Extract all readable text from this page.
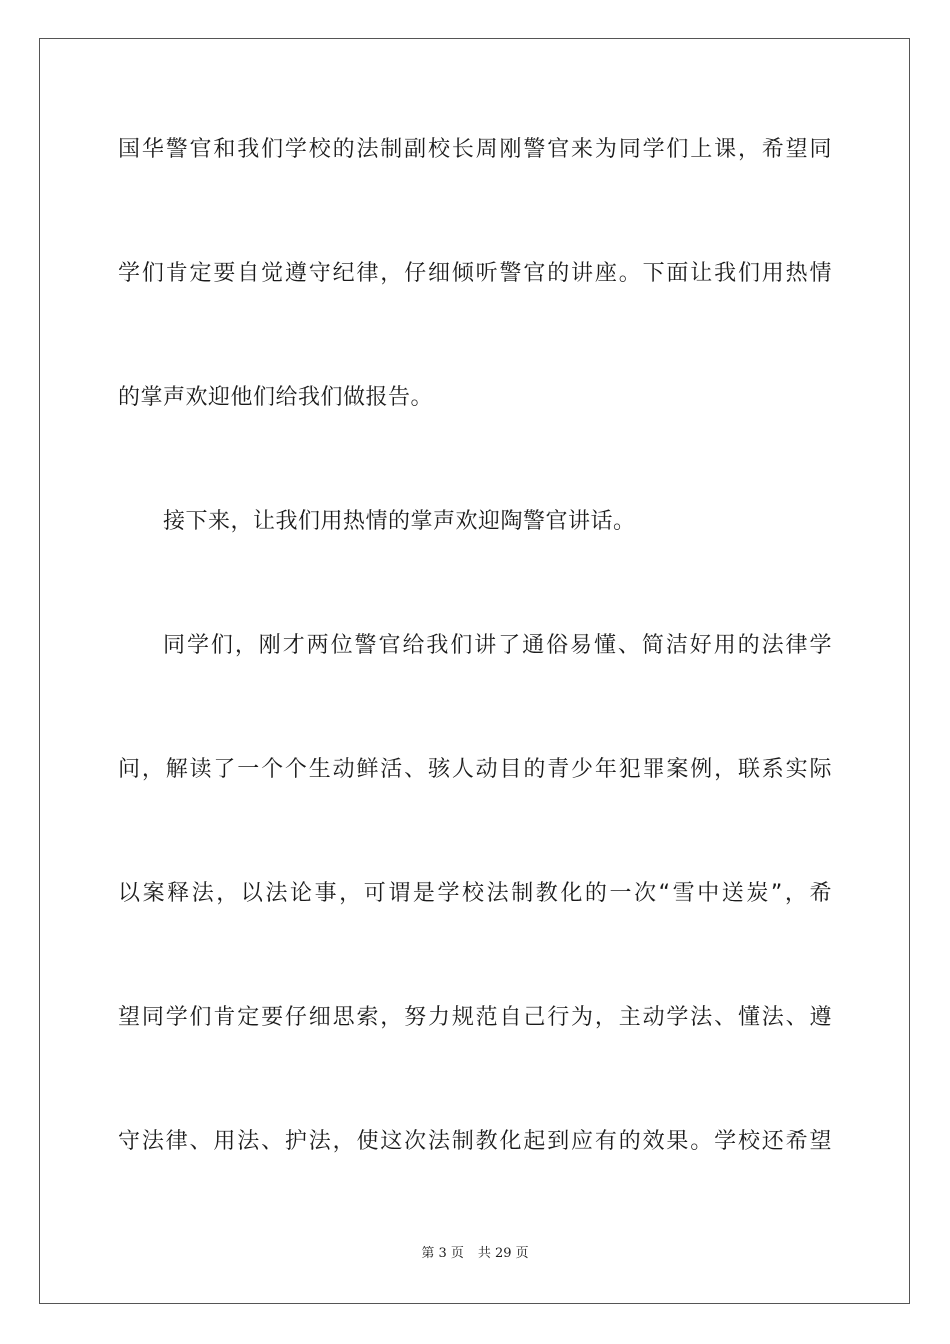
国华警官和我们学校的法制副校长周刚警官来为同学们上课，希望同
学们肯定要自觉遵守纪律，仔细倾听警官的讲座。下面让我们用热情
的掌声欢迎他们给我们做报告。
接下来，让我们用热情的掌声欢迎陶警官讲话。
同学们，刚才两位警官给我们讲了通俗易懂、简洁好用的法律学
问，解读了一个个生动鲜活、骇人动目的青少年犯罪案例，联系实际
以案释法，以法论事，可谓是学校法制教化的一次“雪中送炭”，希
望同学们肯定要仔细思索，努力规范自己行为，主动学法、懂法、遵
守法律、用法、护法，使这次法制教化起到应有的效果。学校还希望
第 3 页 共 29 页
